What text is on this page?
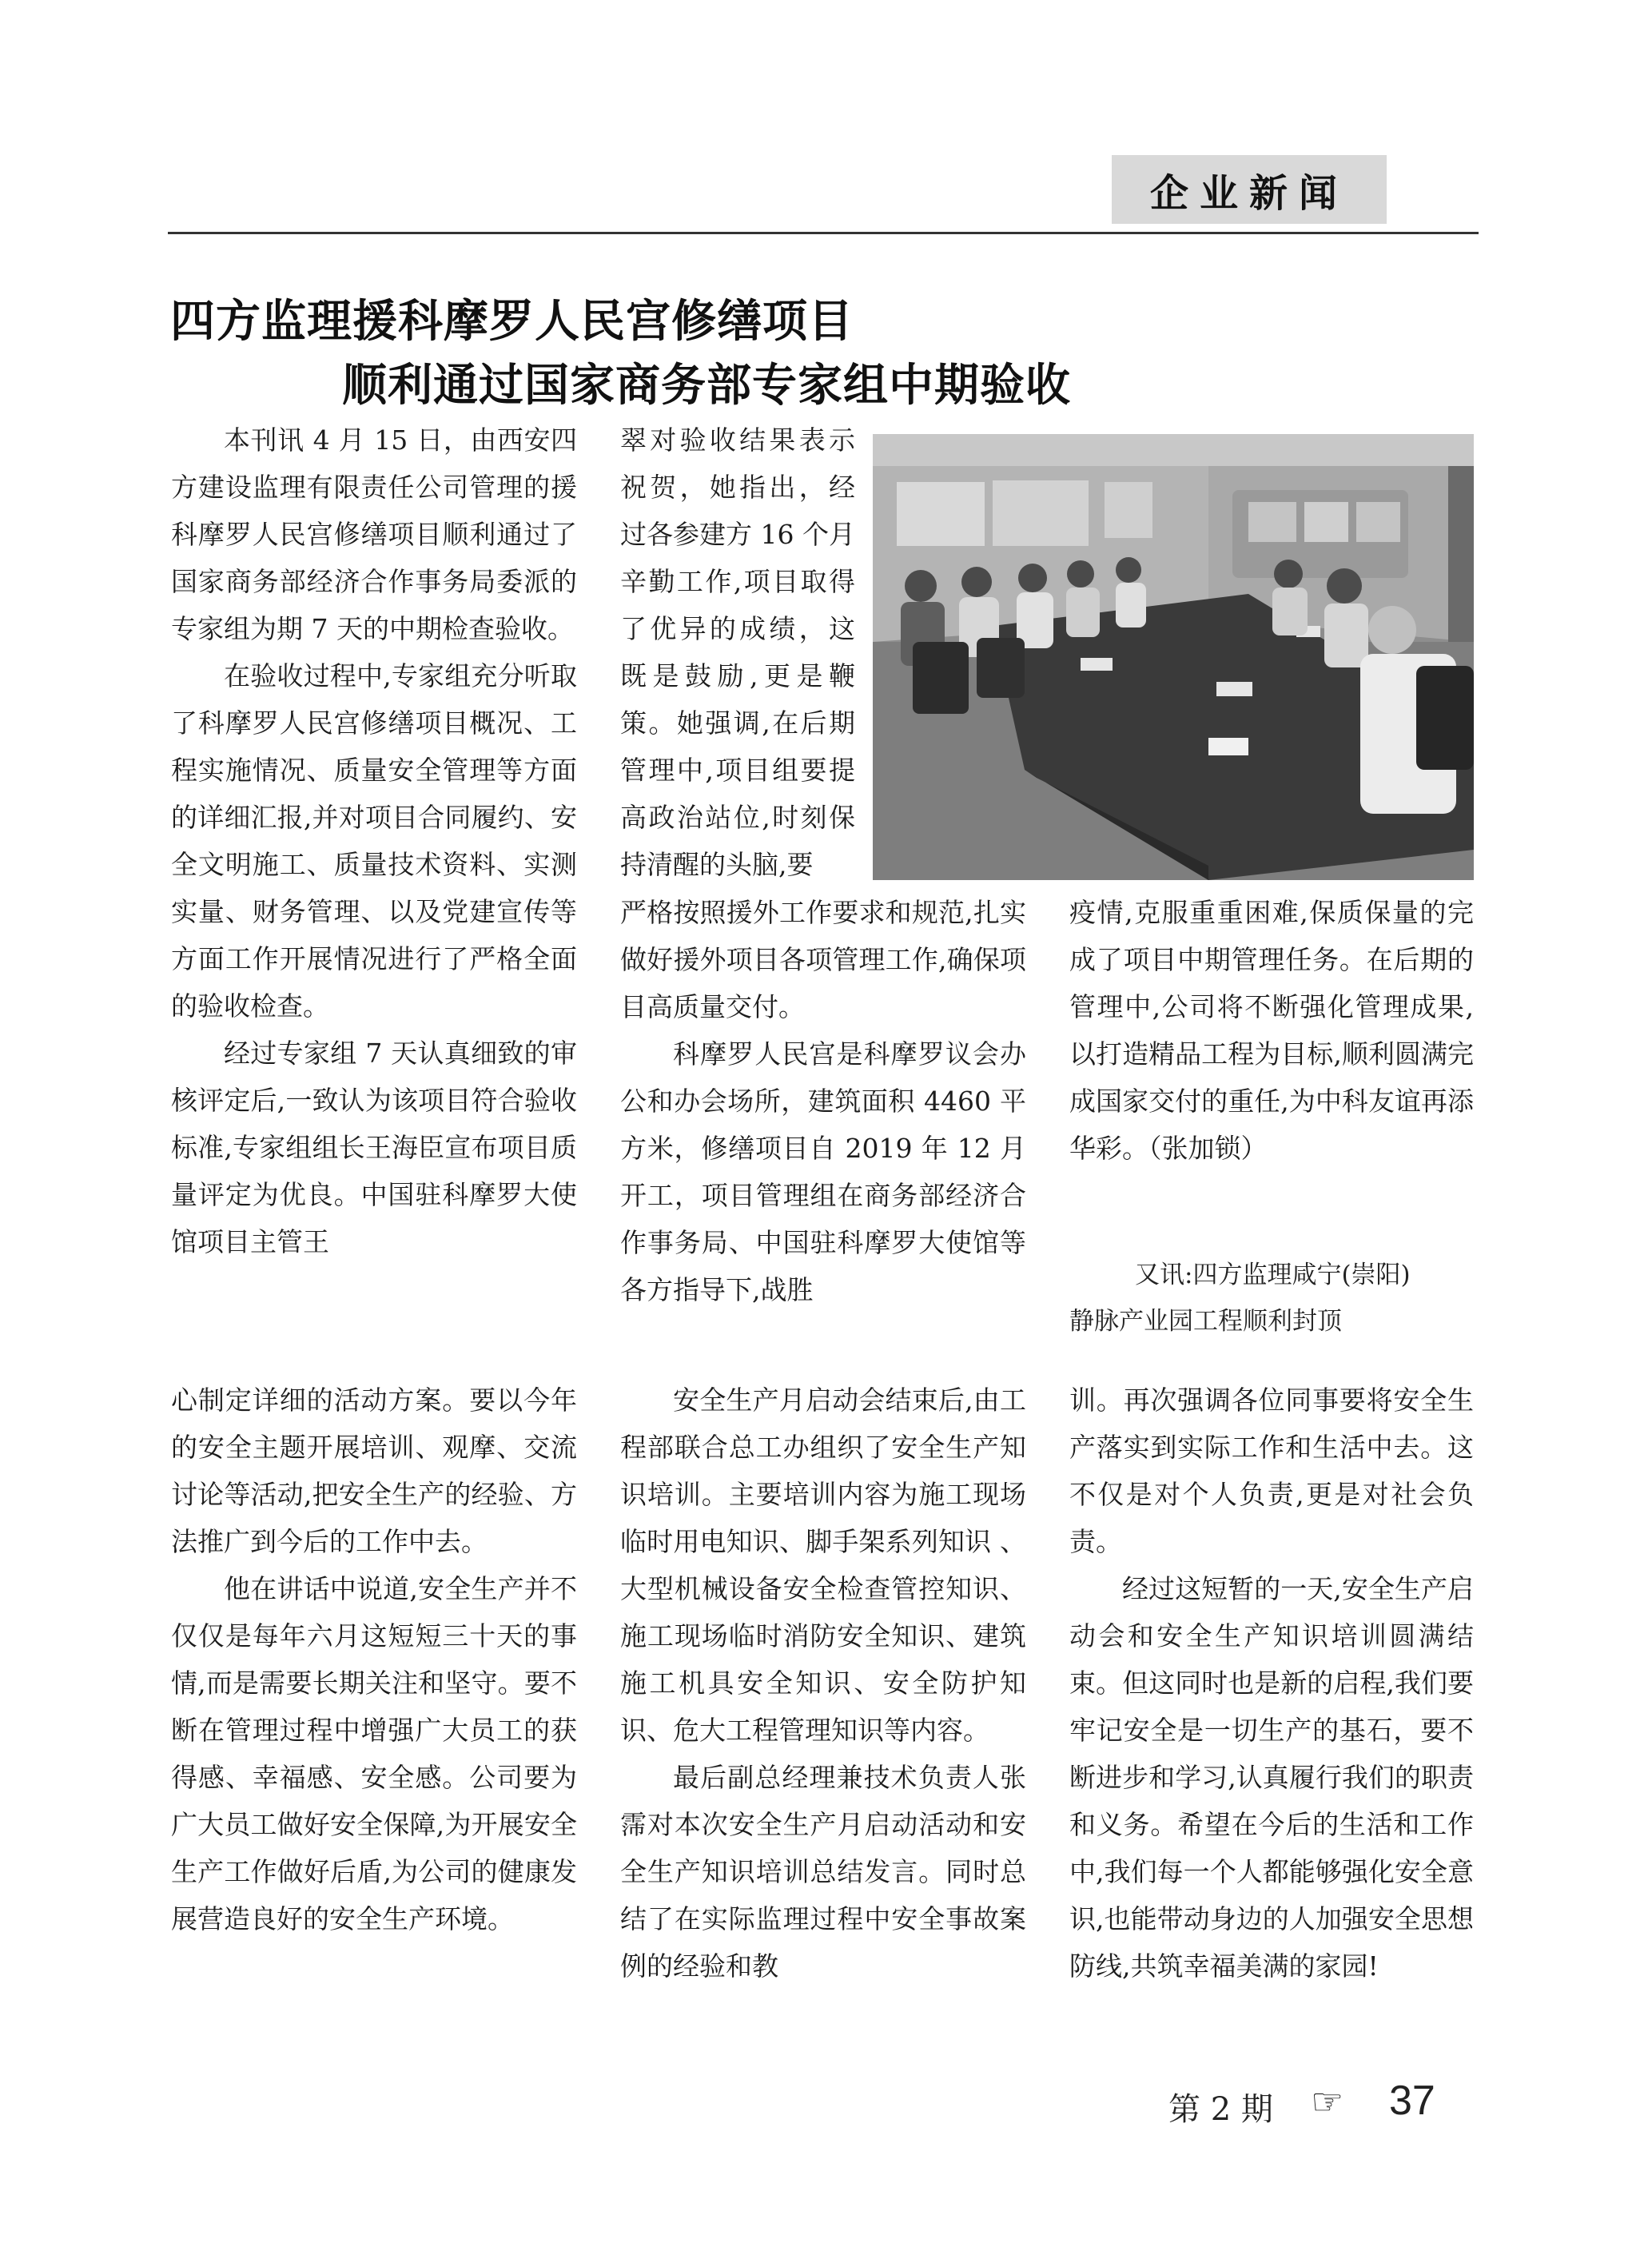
企业新闻
四方监理援科摩罗人民宫修缮项目
顺利通过国家商务部专家组中期验收

本刊讯 4 月 15 日，由西安四方建设监理有限责任公司管理的援科摩罗人民宫修缮项目顺利通过了国家商务部经济合作事务局委派的专家组为期 7 天的中期检查验收。

在验收过程中,专家组充分听取了科摩罗人民宫修缮项目概况、工程实施情况、质量安全管理等方面的详细汇报,并对项目合同履约、安全文明施工、质量技术资料、实测实量、财务管理、以及党建宣传等方面工作开展情况进行了严格全面的验收检查。

经过专家组 7 天认真细致的审核评定后,一致认为该项目符合验收标准,专家组组长王海臣宣布项目质量评定为优良。中国驻科摩罗大使馆项目主管王

翠对验收结果表示祝贺，她指出，经过各参建方 16 个月辛勤工作,项目取得了优异的成绩，这既是鼓励,更是鞭策。她强调,在后期管理中,项目组要提高政治站位,时刻保持清醒的头脑,要

严格按照援外工作要求和规范,扎实做好援外项目各项管理工作,确保项目高质量交付。

科摩罗人民宫是科摩罗议会办公和办会场所，建筑面积 4460 平方米，修缮项目自 2019 年 12 月开工，项目管理组在商务部经济合作事务局、中国驻科摩罗大使馆等各方指导下,战胜

疫情,克服重重困难,保质保量的完成了项目中期管理任务。在后期的管理中,公司将不断强化管理成果,以打造精品工程为目标,顺利圆满完成国家交付的重任,为中科友谊再添华彩。（张加锁）

又讯:四方监理咸宁(崇阳)
静脉产业园工程顺利封顶

心制定详细的活动方案。要以今年的安全主题开展培训、观摩、交流讨论等活动,把安全生产的经验、方法推广到今后的工作中去。

他在讲话中说道,安全生产并不仅仅是每年六月这短短三十天的事情,而是需要长期关注和坚守。要不断在管理过程中增强广大员工的获得感、幸福感、安全感。公司要为广大员工做好安全保障,为开展安全生产工作做好后盾,为公司的健康发展营造良好的安全生产环境。

安全生产月启动会结束后,由工程部联合总工办组织了安全生产知识培训。主要培训内容为施工现场临时用电知识、脚手架系列知识 、大型机械设备安全检查管控知识、施工现场临时消防安全知识、建筑施工机具安全知识、安全防护知识、危大工程管理知识等内容。

最后副总经理兼技术负责人张霈对本次安全生产月启动活动和安全生产知识培训总结发言。同时总结了在实际监理过程中安全事故案例的经验和教

训。再次强调各位同事要将安全生产落实到实际工作和生活中去。这不仅是对个人负责,更是对社会负责。

经过这短暂的一天,安全生产启动会和安全生产知识培训圆满结束。但这同时也是新的启程,我们要牢记安全是一切生产的基石，要不断进步和学习,认真履行我们的职责和义务。希望在今后的生活和工作中,我们每一个人都能够强化安全意识,也能带动身边的人加强安全思想防线,共筑幸福美满的家园!

第 2 期 ☞ 37
